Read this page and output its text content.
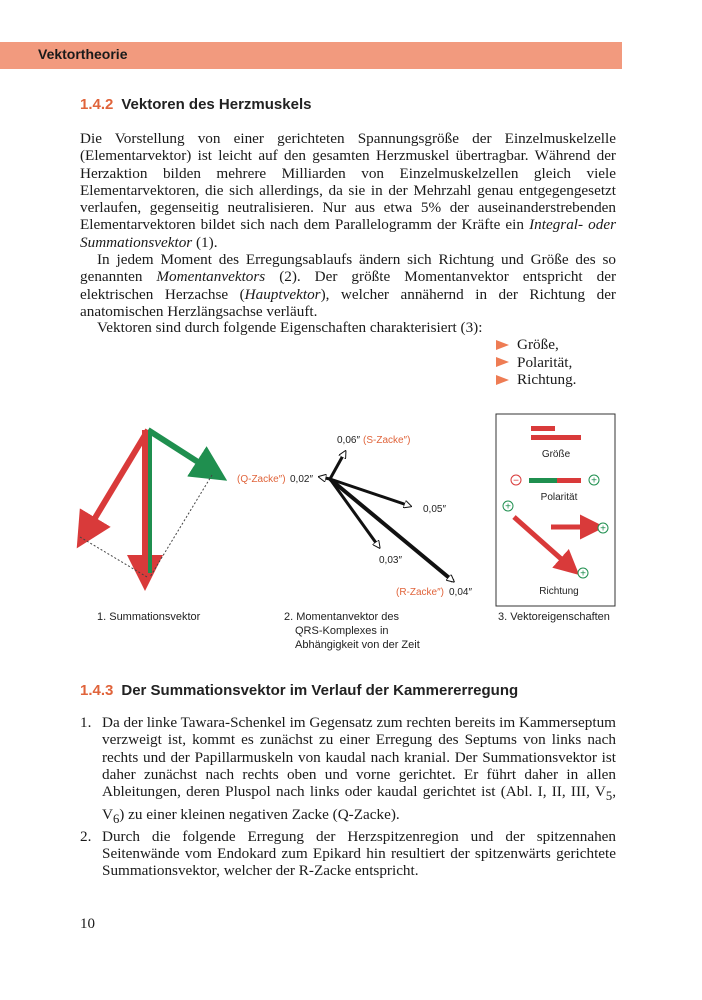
Vektortheorie
1.4.2 Vektoren des Herzmuskels

Die Vorstellung von einer gerichteten Spannungsgröße der Einzelmuskelzelle (Elementarvektor) ist leicht auf den gesamten Herzmuskel übertragbar. Während der Herzaktion bilden mehrere Milliarden von Einzelmuskelzellen gleich viele Elementarvektoren, die sich allerdings, da sie in der Mehrzahl genau entgegengesetzt verlaufen, gegenseitig neutralisieren. Nur aus etwa 5% der auseinanderstrebenden Elementarvektoren bildet sich nach dem Parallelogramm der Kräfte ein Integral- oder Summationsvektor (1).

In jedem Moment des Erregungsablaufs ändern sich Richtung und Größe des so genannten Momentanvektors (2). Der größte Momentanvektor entspricht der elektrischen Herzachse (Hauptvektor), welcher annähernd in der Richtung der anatomischen Herzlängsachse verläuft.

Vektoren sind durch folgende Eigenschaften charakterisiert (3):

Größe,
Polarität,
Richtung.
0,06″ (S-Zacke″)
(Q-Zacke″) 0,02″
0,05″
0,03″
(R-Zacke″) 0,04″
Größe
−	+
Polarität
+
+
+
Richtung
1. Summationsvektor	2. Momentanvektor des
QRS-Komplexes in
Abhängigkeit von der Zeit
3. Vektoreigenschaften
1.4.3 Der Summationsvektor im Verlauf der Kammererregung
1. Da der linke Tawara-Schenkel im Gegensatz zum rechten bereits im Kammerseptum verzweigt ist, kommt es zunächst zu einer Erregung des Septums von links nach rechts und der Papillarmuskeln von kaudal nach kranial. Der Summationsvektor ist daher zunächst nach rechts oben und vorne gerichtet. Er führt daher in allen Ableitungen, deren Pluspol nach links oder kaudal gerichtet ist (Abl. I, II, III, $V_5$, $V_6$) zu einer kleinen negativen Zacke (Q-Zacke).
2. Durch die folgende Erregung der Herzspitzenregion und der spitzennahen Seitenwände vom Endokard zum Epikard hin resultiert der spitzenwärts gerichtete Summationsvektor, welcher der R-Zacke entspricht.
10
